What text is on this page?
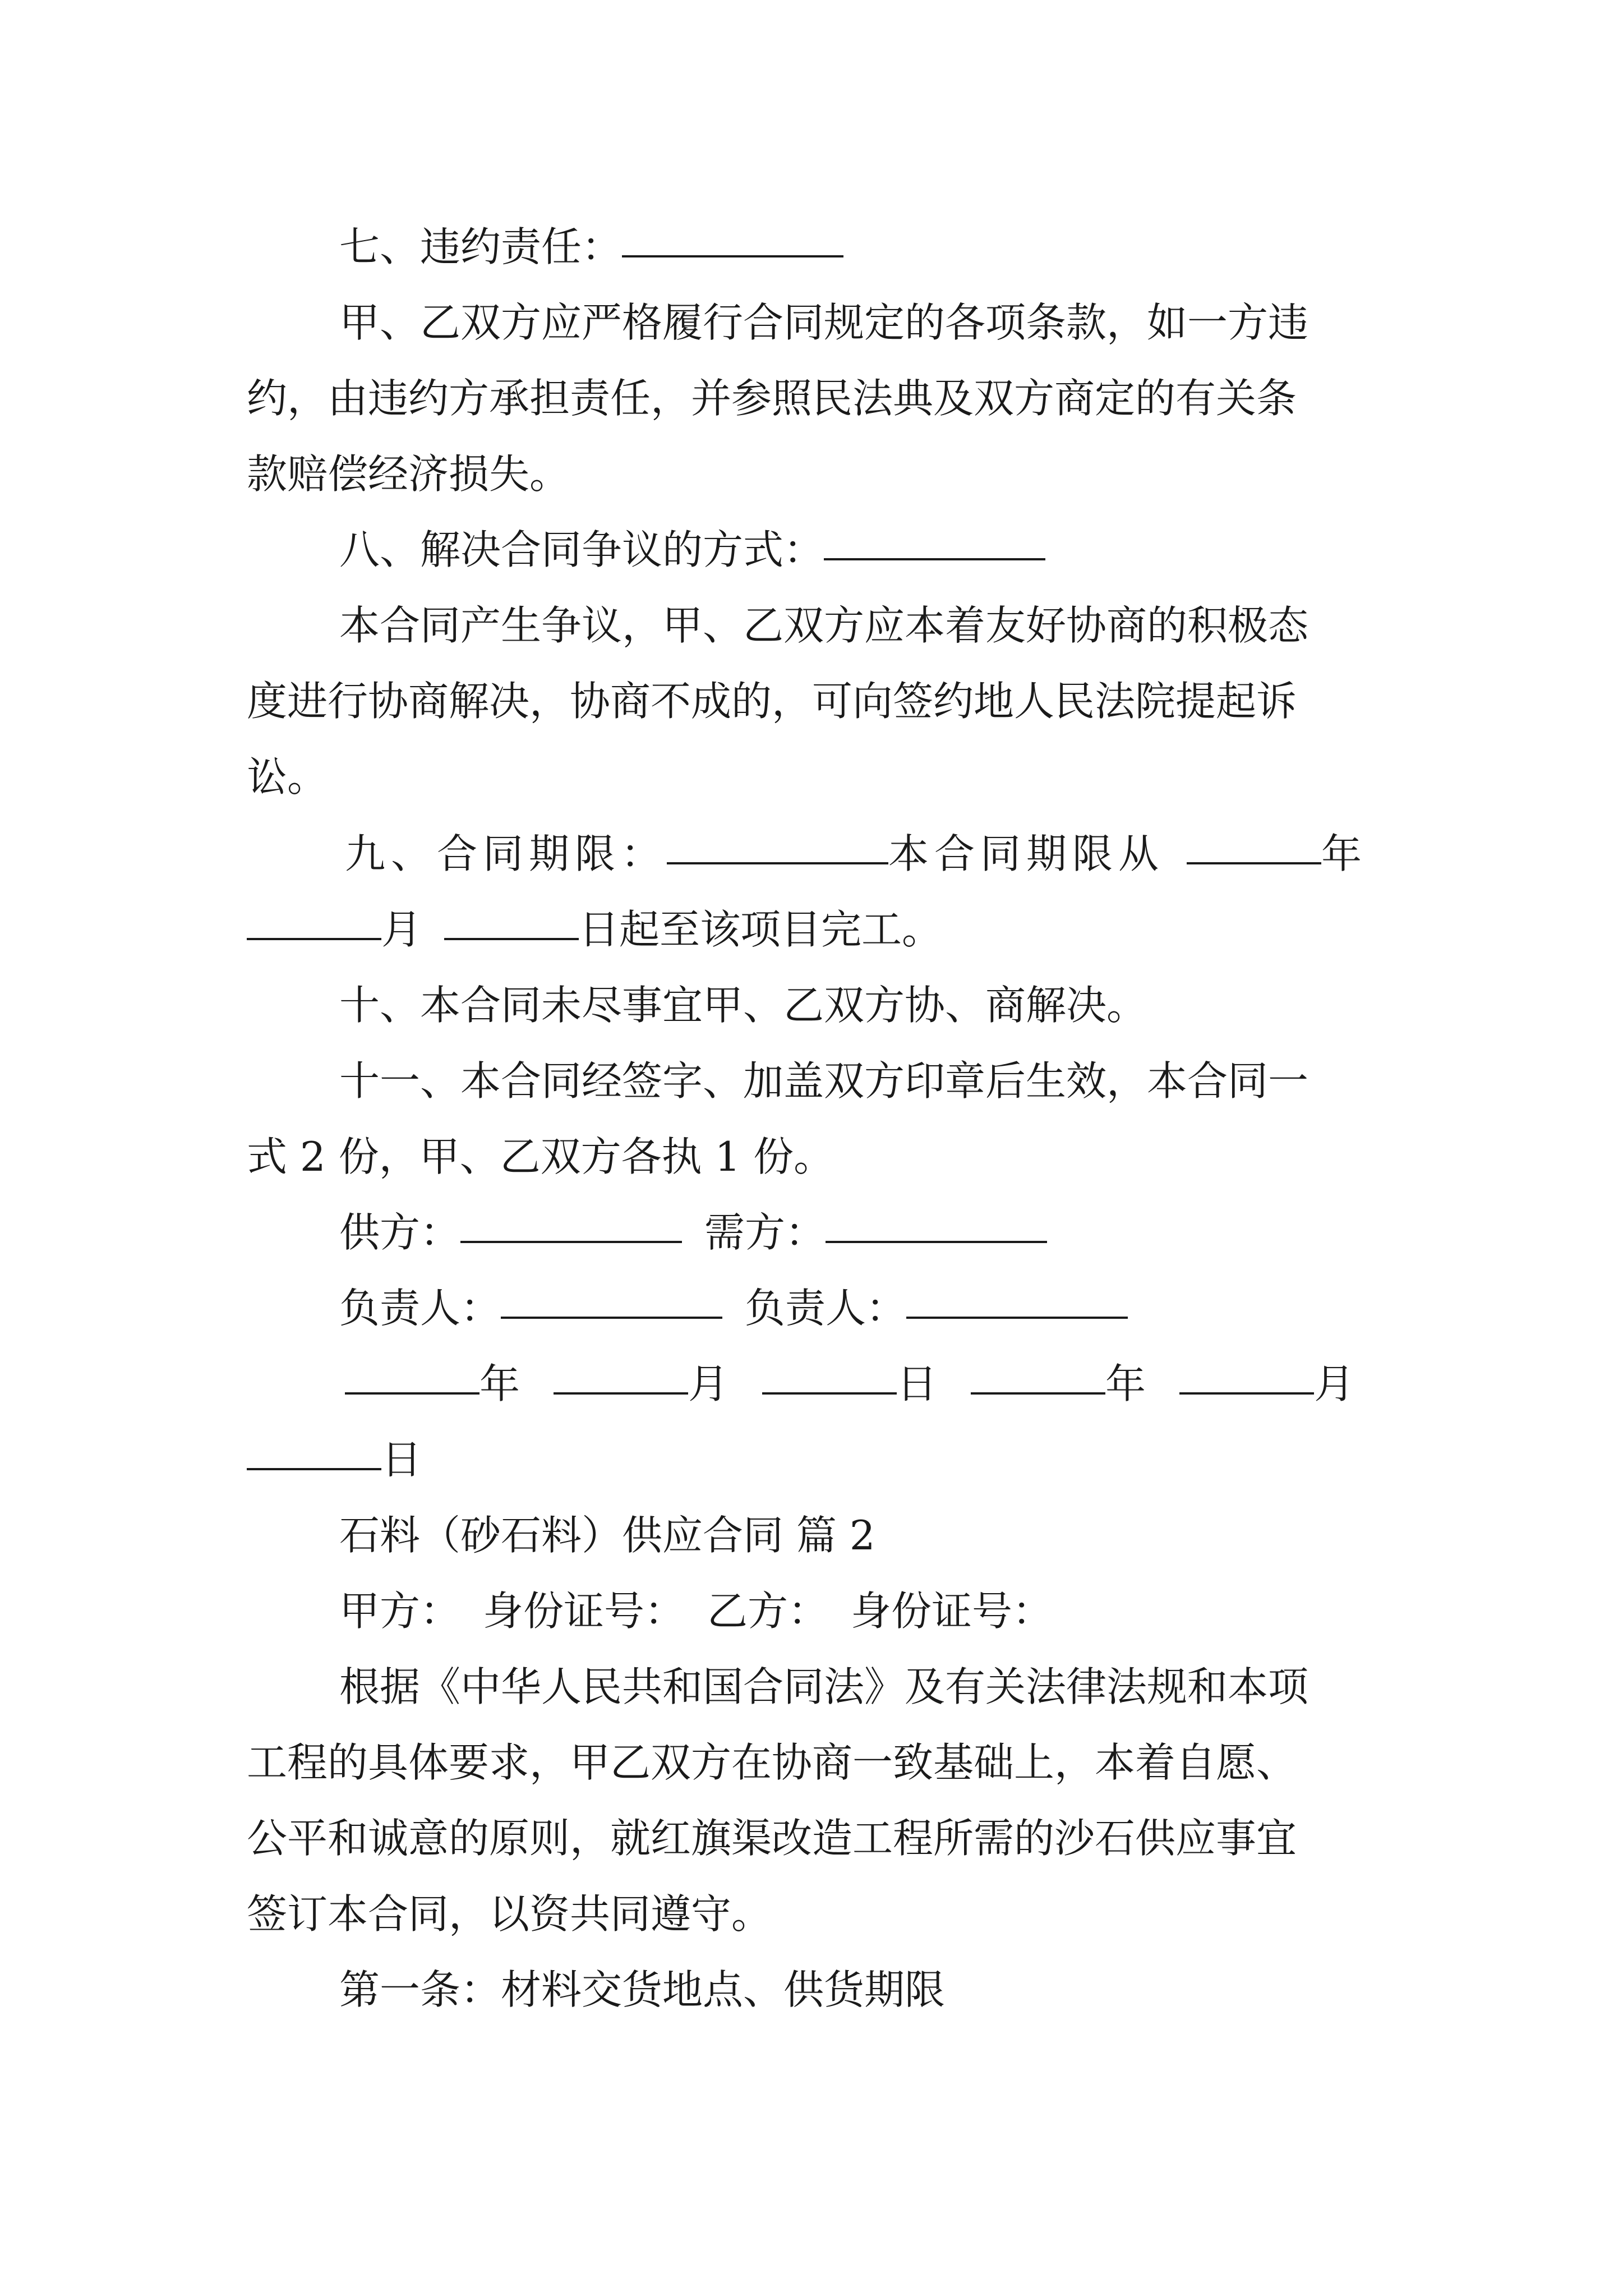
七、违约责任：
甲、乙双方应严格履行合同规定的各项条款，如一方违
约，由违约方承担责任，并参照民法典及双方商定的有关条
款赔偿经济损失。
八、解决合同争议的方式：
本合同产生争议，甲、乙双方应本着友好协商的积极态
度进行协商解决，协商不成的，可向签约地人民法院提起诉
讼。
九、合同期限：	本合同期限从	年
月	日起至该项目完工。
十、本合同未尽事宜甲、乙双方协、商解决。
十一、本合同经签字、加盖双方印章后生效，本合同一
式 2 份，甲、乙双方各执 1 份。
供方：	需方：
负责人：	负责人：
年	月	日	年	月
日
石料（砂石料）供应合同 篇 2
甲方： 身份证号： 乙方： 身份证号：
根据《中华人民共和国合同法》及有关法律法规和本项
工程的具体要求，甲乙双方在协商一致基础上，本着自愿、
公平和诚意的原则，就红旗渠改造工程所需的沙石供应事宜
签订本合同，以资共同遵守。
第一条：材料交货地点、供货期限
